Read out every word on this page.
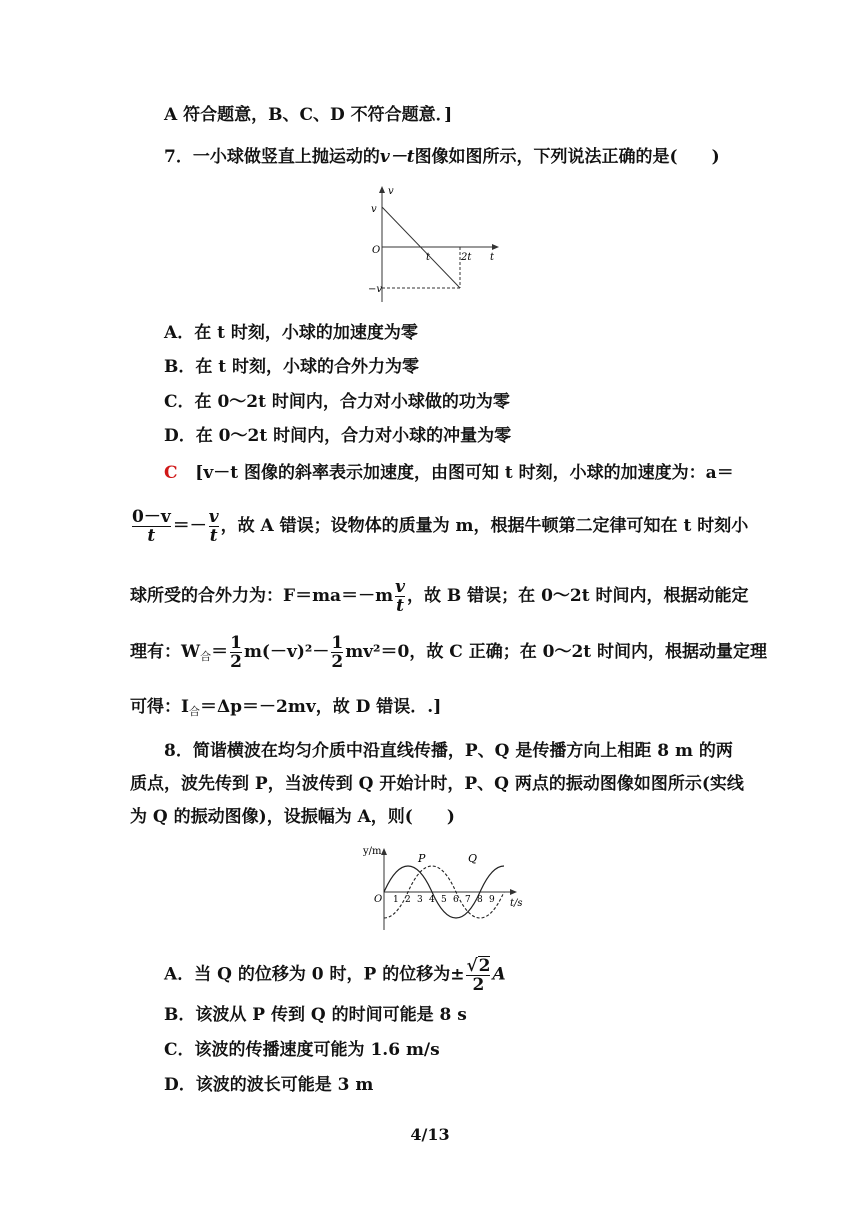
A 符合题意，B、C、D 不符合题意．]
7．一小球做竖直上抛运动的v－t图像如图所示，下列说法正确的是(　　)
v
v
O
−v
t	2t t
A．在 t 时刻，小球的加速度为零
B．在 t 时刻，小球的合外力为零
C．在 0～2t 时间内，合力对小球做的功为零
D．在 0～2t 时间内，合力对小球的冲量为零
C [v－t 图像的斜率表示加速度，由图可知 t 时刻，小球的加速度为：a＝
$\frac{0-v}{t} =- \frac{v}{t}$ ，故 A 错误；设物体的质量为 m，根据牛顿第二定律可知在 t 时刻小
球所受的合外力为：$F=ma=-m \frac{v}{t}$ ，故 B 错误；在 0～2t 时间内，根据动能定
理有：$W_合= \frac{1}{2} m(-v)^2- \frac{1}{2} mv^2=0$，故 C 正确；在 0～2t 时间内，根据动量定理
可得：$I_合=\Delta p=-2mv$，故 D 错误．.]
8．简谐横波在均匀介质中沿直线传播，P、Q 是传播方向上相距 8 m 的两
质点，波先传到 P，当波传到 Q 开始计时，P、Q 两点的振动图像如图所示(实线
为 Q 的振动图像)，设振幅为 A，则(　　)
y/m
O
P	Q
1 2 3 4 5 6 7 8 9 t/s
A．当 Q 的位移为 0 时，P 的位移为± $\frac{√2}{2}$ A
B．该波从 P 传到 Q 的时间可能是 8 s
C．该波的传播速度可能为 1.6 m/s
D．该波的波长可能是 3 m
4/13
